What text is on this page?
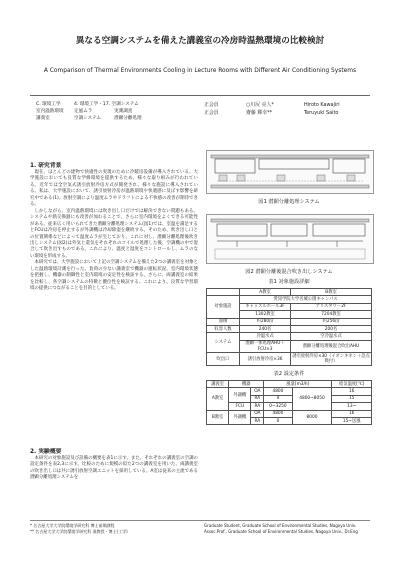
異なる空調システムを備えた講義室の冷房時温熱環境の比較検討
A Comparison of Thermal Environments Cooling in Lecture Rooms with Different Air Conditioning Systems
C. 環境工学	4. 環境工学 - 17. 空調システム
室内温熱環境	定風ムラ	実測調査
講義室	空調システム	潜顕分離処理
正会員	○川尻 亮人*	Hiroto Kawajiri
正会員	齋藤 輝幸**	Teruyuki Saito
1. 研究背景

現在、ほとんどの建物で快適性の実現のために冷暖房設備が導入されている。大学施設においても良質な学修環境を提供するため、様々な取り組みが行われている。近年では全空気式誘引放射冷房方式が開発され、様々な施設に導入されている。私は、大学施設において、誘引放射冷房が温熱環境や快適感に及ぼす影響を研究中である(1)。放射空調により温度ムラやドラフトによる不快感の改善が期待できる。

しかしながら、室内温熱環境には吹き出し口だけでは解決できない問題もある。システムや熱交換器にも改善が加わることで、さらに室内環境をよくできる可能性がある。従来広く用いられてきた潜顕分離処理システム(図1)では、室温を満足するとFCUは冷房を停止するが外調機は冷却除湿を継続する。そのため、吹き出し口との位置関係などによって温度ムラが生じており、これに対し、潜顕分離処理後吹き出しシステム(図2)は外気と還気をそれぞれのコイルで処理した後、空調機の中で混合して吹き出すものである。これにより、温度と湿度をコントロールし、ムラのない環境を形成する。

本研究では、大学施設において上記の空調システムを備えた2つの講義室を対象とした温熱環境計測を行った。負荷の少ない講義室で機器の運転状況、室内環境状態を把握し、機器の制御性と室内環境の安定性を検証する。さらに、両講義室の結果を比較し、各空調システムの特徴と優位性を検証する。これにより、良質な学習環境の提供につながることを目的としている。

2. 実験概要

本研究の対象施設及び設備の概要を表1に示す。また、それぞれの講義室の空調の設定条件を表2,3に示す。比較のために規模の似た2つの講義室を用いた。両講義室の吹き出し口は共に誘引放射空調ユニットを採用している。A室は従来の主流である潜顕分離処理システムを

図1 潜顕分離処理システム
図2 潜顕分離後混合吹き出しシステム
表1 対象施設詳細
	A教室	B教室
対象施設	愛知学院大学名城公園キャンパス	
	キャッスルホール3F	アリスタワー2F
	1302教室	7204教室
面積	約280㎡	約256㎡
収容人数	240名	200名
システム	冷温水式	空冷温水式
	潜顕一体処理AHU＋FCU×3	潜顕分離処理後混合吹出AHU
吹出口	誘引放射冷房×36	誘引放射冷房×30（イオンキオン＋急点吸付）
表2 設定条件
講義室	機器		風量[m3/h]		給気温度[℃]
A教室	外調機	OA	4800	4800~8050	16
		RA	0		15
	FCU	RA	0~3250		13~
B教室	外調機	OA	4800	8000	16
		RA	0		15~送風
* 名古屋大学大学院環境学研究科 博士前期課程
** 名古屋大学大学院環境学研究科 准教授・博士(工学)
Graduate Student, Graduate School of Environmental Studies, Nagoya Univ.
Assoc.Prof., Graduate School of Environmental Studies, Nagoya Univ., Dr.Eng
